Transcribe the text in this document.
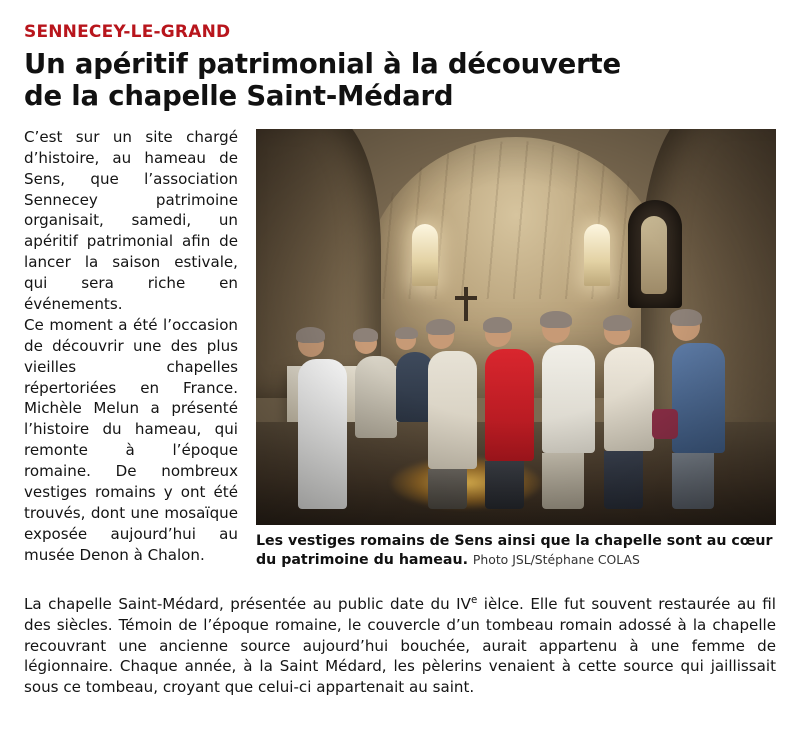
SENNECEY-LE-GRAND
Un apéritif patrimonial à la découverte
de la chapelle Saint-Médard
Les vestiges romains de Sens ainsi que la chapelle sont au cœur du patrimoine du hameau. Photo JSL/Stéphane COLAS

C’est sur un site chargé d’histoire, au hameau de Sens, que l’association Sennecey patrimoine organisait, samedi, un apéritif patrimonial afin de lancer la saison estivale, qui sera riche en événements.

Ce moment a été l’occasion de découvrir une des plus vieilles chapelles répertoriées en France. Michèle Melun a présenté l’histoire du hameau, qui remonte à l’époque romaine. De nombreux vestiges romains y ont été trouvés, dont une mosaïque exposée aujourd’hui au musée Denon à Chalon.

La chapelle Saint-Médard, présentée au public date du IVe ièlce. Elle fut souvent restaurée au fil des siècles. Témoin de l’époque romaine, le couvercle d’un tombeau romain adossé à la chapelle recouvrant une ancienne source aujourd’hui bouchée, aurait appartenu à une femme de légionnaire. Chaque année, à la Saint Médard, les pèlerins venaient à cette source qui jaillissait sous ce tombeau, croyant que celui-ci appartenait au saint.
